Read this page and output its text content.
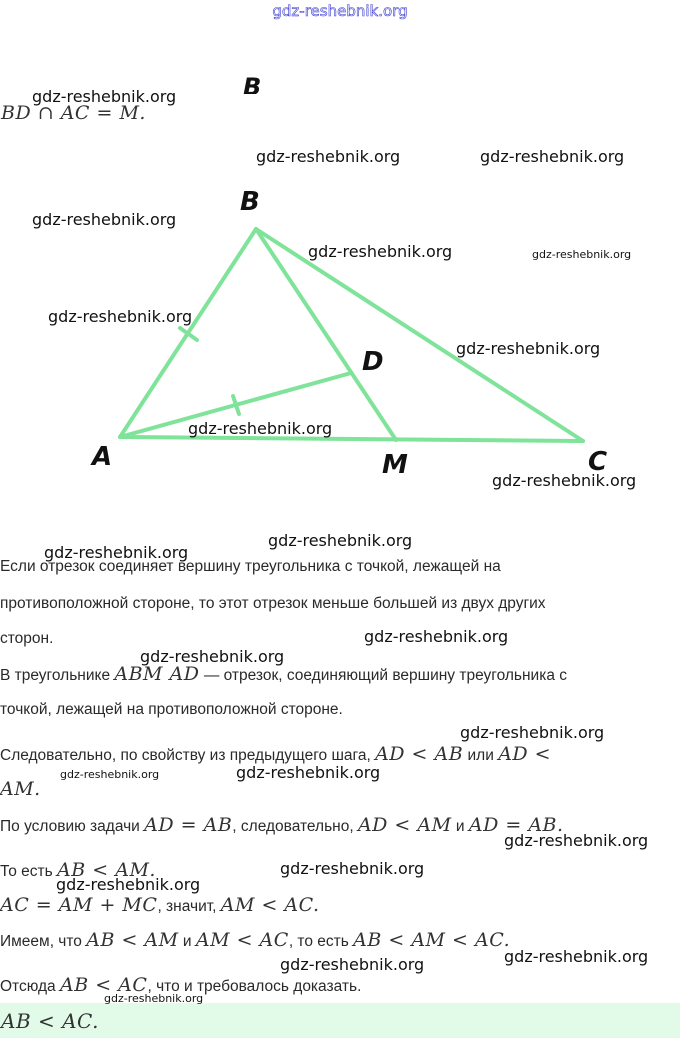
gdz-reshebnik.org
B
BD ∩ AC = M.
A
B
C
D
M
Если отрезок соединяет вершину треугольника с точкой, лежащей на
противоположной стороне, то этот отрезок меньше большей из двух других
сторон.
В треугольнике ABM AD — отрезок, соединяющий вершину треугольника с
точкой, лежащей на противоположной стороне.
Следовательно, по свойству из предыдущего шага, AD < AB или AD <
AM.
По условию задачи AD = AB, следовательно, AD < AM и AD = AB.
То есть AB < AM.
AC = AM + MC, значит, AM < AC.
Имеем, что AB < AM и AM < AC, то есть AB < AM < AC.
Отсюда AB < AC, что и требовалось доказать.
AB < AC.
gdz-reshebnik.org
gdz-reshebnik.org	gdz-reshebnik.org
gdz-reshebnik.org
gdz-reshebnik.org	gdz-reshebnik.org
gdz-reshebnik.org
gdz-reshebnik.org
gdz-reshebnik.org
gdz-reshebnik.org
gdz-reshebnik.org
gdz-reshebnik.org
gdz-reshebnik.org
gdz-reshebnik.org
gdz-reshebnik.org
gdz-reshebnik.org
gdz-reshebnik.org
gdz-reshebnik.org
gdz-reshebnik.org
gdz-reshebnik.org
gdz-reshebnik.org
gdz-reshebnik.org
gdz-reshebnik.org
